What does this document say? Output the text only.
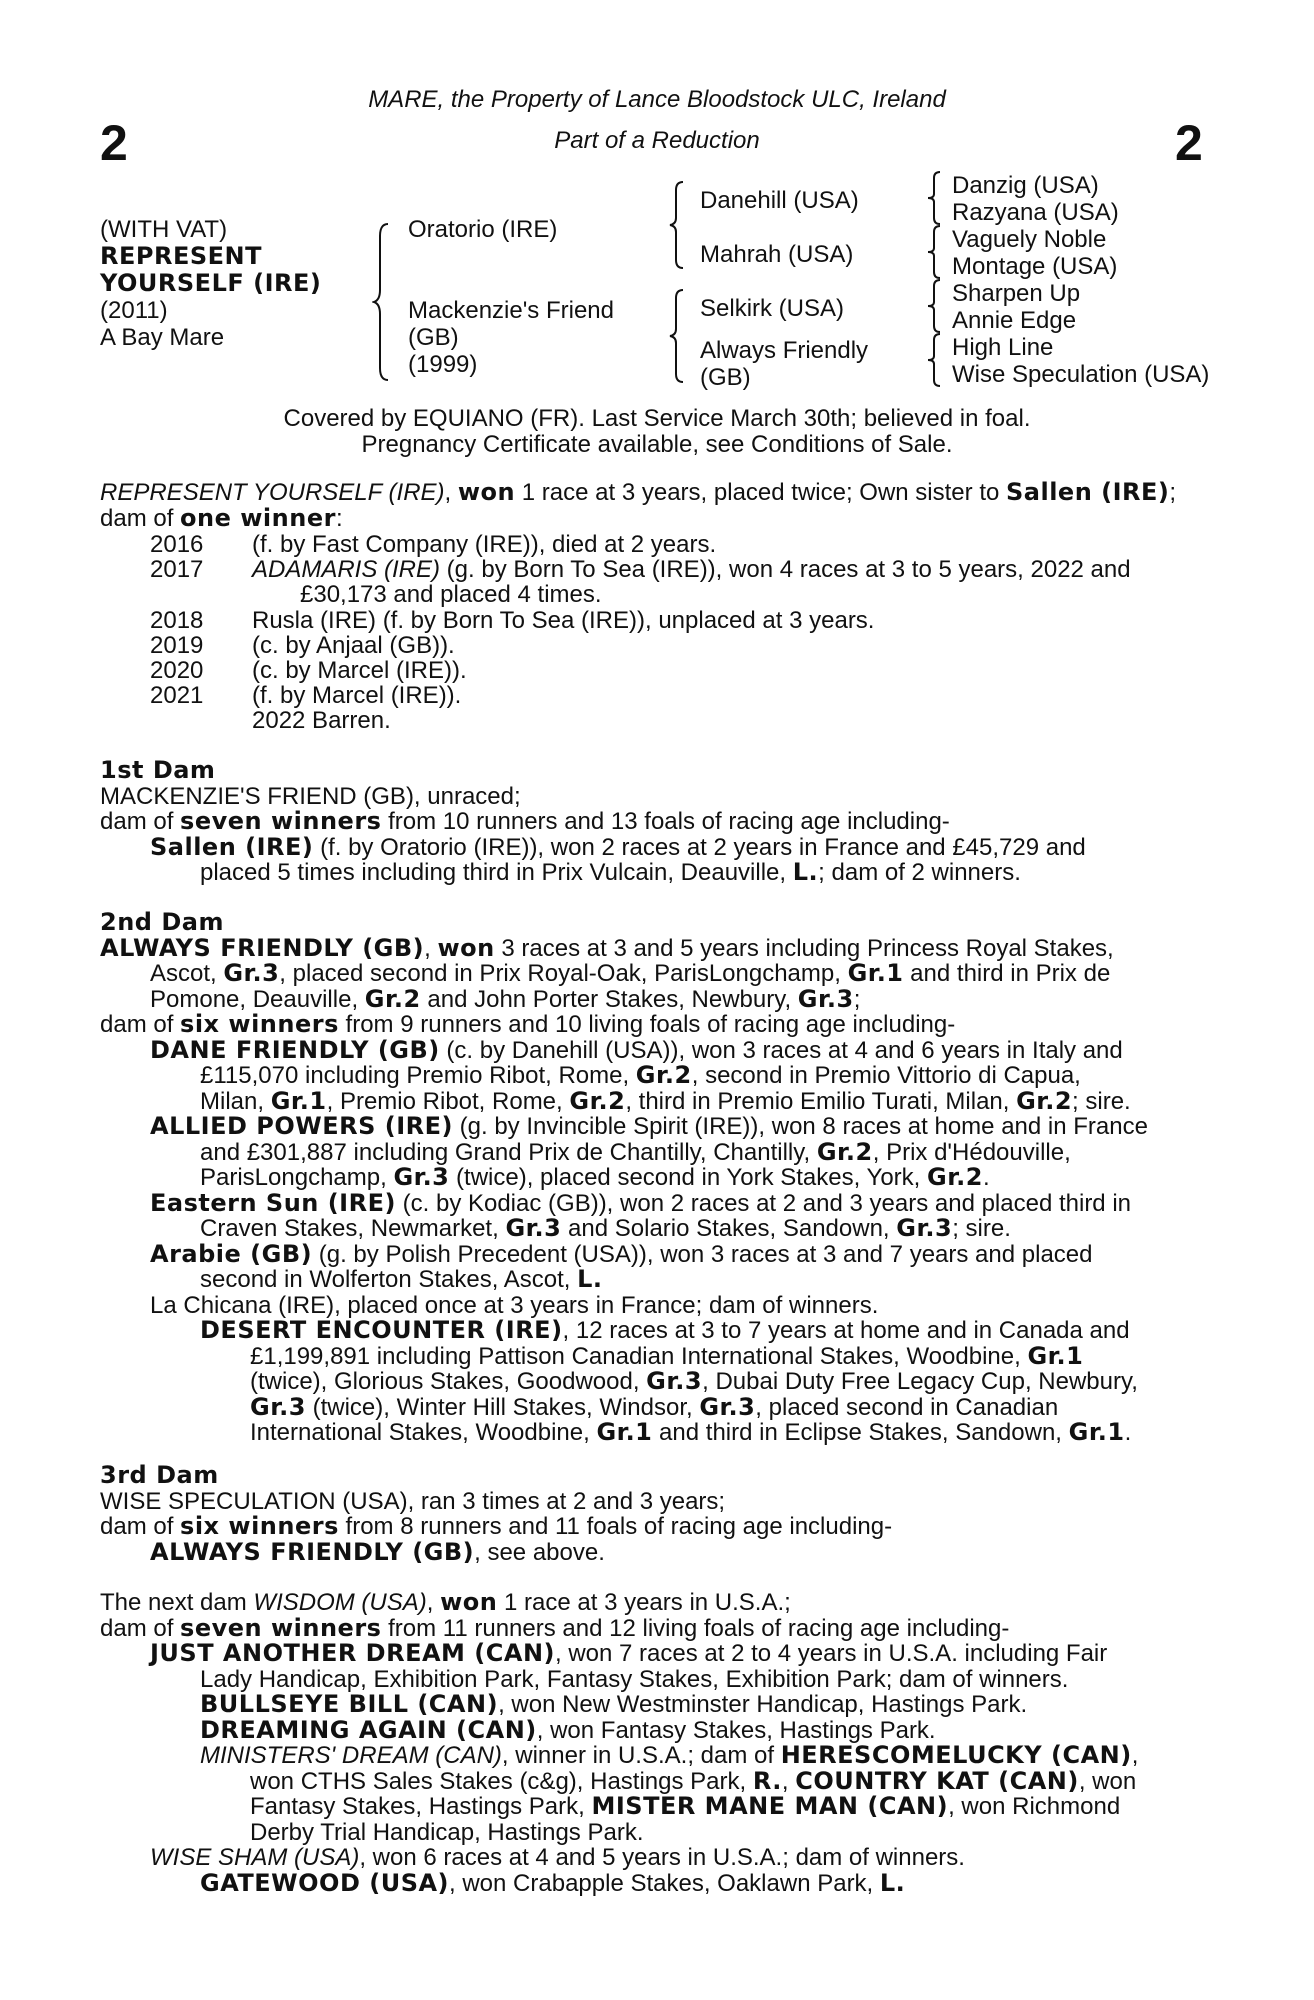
2	2
MARE, the Property of Lance Bloodstock ULC, Ireland
Part of a Reduction
(WITH VAT)
REPRESENT
YOURSELF (IRE)
(2011)
A Bay Mare
Oratorio (IRE)
Mackenzie's Friend
(GB)
(1999)
Danehill (USA)
Mahrah (USA)
Selkirk (USA)
Always Friendly
(GB)
Danzig (USA)
Razyana (USA)
Vaguely Noble
Montage (USA)
Sharpen Up
Annie Edge
High Line
Wise Speculation (USA)
Covered by EQUIANO (FR). Last Service March 30th; believed in foal.
Pregnancy Certificate available, see Conditions of Sale.
REPRESENT YOURSELF (IRE), won 1 race at 3 years, placed twice; Own sister to Sallen (IRE);
dam of one winner:
2016 (f. by Fast Company (IRE)), died at 2 years.
2017 ADAMARIS (IRE) (g. by Born To Sea (IRE)), won 4 races at 3 to 5 years, 2022 and
£30,173 and placed 4 times.
2018 Rusla (IRE) (f. by Born To Sea (IRE)), unplaced at 3 years.
2019 (c. by Anjaal (GB)).
2020 (c. by Marcel (IRE)).
2021 (f. by Marcel (IRE)).
2022 Barren.
1st Dam
MACKENZIE'S FRIEND (GB), unraced;
dam of seven winners from 10 runners and 13 foals of racing age including-
Sallen (IRE) (f. by Oratorio (IRE)), won 2 races at 2 years in France and £45,729 and
placed 5 times including third in Prix Vulcain, Deauville, L.; dam of 2 winners.
2nd Dam
ALWAYS FRIENDLY (GB), won 3 races at 3 and 5 years including Princess Royal Stakes,
Ascot, Gr.3, placed second in Prix Royal-Oak, ParisLongchamp, Gr.1 and third in Prix de
Pomone, Deauville, Gr.2 and John Porter Stakes, Newbury, Gr.3;
dam of six winners from 9 runners and 10 living foals of racing age including-
DANE FRIENDLY (GB) (c. by Danehill (USA)), won 3 races at 4 and 6 years in Italy and
£115,070 including Premio Ribot, Rome, Gr.2, second in Premio Vittorio di Capua,
Milan, Gr.1, Premio Ribot, Rome, Gr.2, third in Premio Emilio Turati, Milan, Gr.2; sire.
ALLIED POWERS (IRE) (g. by Invincible Spirit (IRE)), won 8 races at home and in France
and £301,887 including Grand Prix de Chantilly, Chantilly, Gr.2, Prix d'Hédouville,
ParisLongchamp, Gr.3 (twice), placed second in York Stakes, York, Gr.2.
Eastern Sun (IRE) (c. by Kodiac (GB)), won 2 races at 2 and 3 years and placed third in
Craven Stakes, Newmarket, Gr.3 and Solario Stakes, Sandown, Gr.3; sire.
Arabie (GB) (g. by Polish Precedent (USA)), won 3 races at 3 and 7 years and placed
second in Wolferton Stakes, Ascot, L.
La Chicana (IRE), placed once at 3 years in France; dam of winners.
DESERT ENCOUNTER (IRE), 12 races at 3 to 7 years at home and in Canada and
£1,199,891 including Pattison Canadian International Stakes, Woodbine, Gr.1
(twice), Glorious Stakes, Goodwood, Gr.3, Dubai Duty Free Legacy Cup, Newbury,
Gr.3 (twice), Winter Hill Stakes, Windsor, Gr.3, placed second in Canadian
International Stakes, Woodbine, Gr.1 and third in Eclipse Stakes, Sandown, Gr.1.
3rd Dam
WISE SPECULATION (USA), ran 3 times at 2 and 3 years;
dam of six winners from 8 runners and 11 foals of racing age including-
ALWAYS FRIENDLY (GB), see above.
The next dam WISDOM (USA), won 1 race at 3 years in U.S.A.;
dam of seven winners from 11 runners and 12 living foals of racing age including-
JUST ANOTHER DREAM (CAN), won 7 races at 2 to 4 years in U.S.A. including Fair
Lady Handicap, Exhibition Park, Fantasy Stakes, Exhibition Park; dam of winners.
BULLSEYE BILL (CAN), won New Westminster Handicap, Hastings Park.
DREAMING AGAIN (CAN), won Fantasy Stakes, Hastings Park.
MINISTERS' DREAM (CAN), winner in U.S.A.; dam of HERESCOMELUCKY (CAN),
won CTHS Sales Stakes (c&g), Hastings Park, R., COUNTRY KAT (CAN), won
Fantasy Stakes, Hastings Park, MISTER MANE MAN (CAN), won Richmond
Derby Trial Handicap, Hastings Park.
WISE SHAM (USA), won 6 races at 4 and 5 years in U.S.A.; dam of winners.
GATEWOOD (USA), won Crabapple Stakes, Oaklawn Park, L.
